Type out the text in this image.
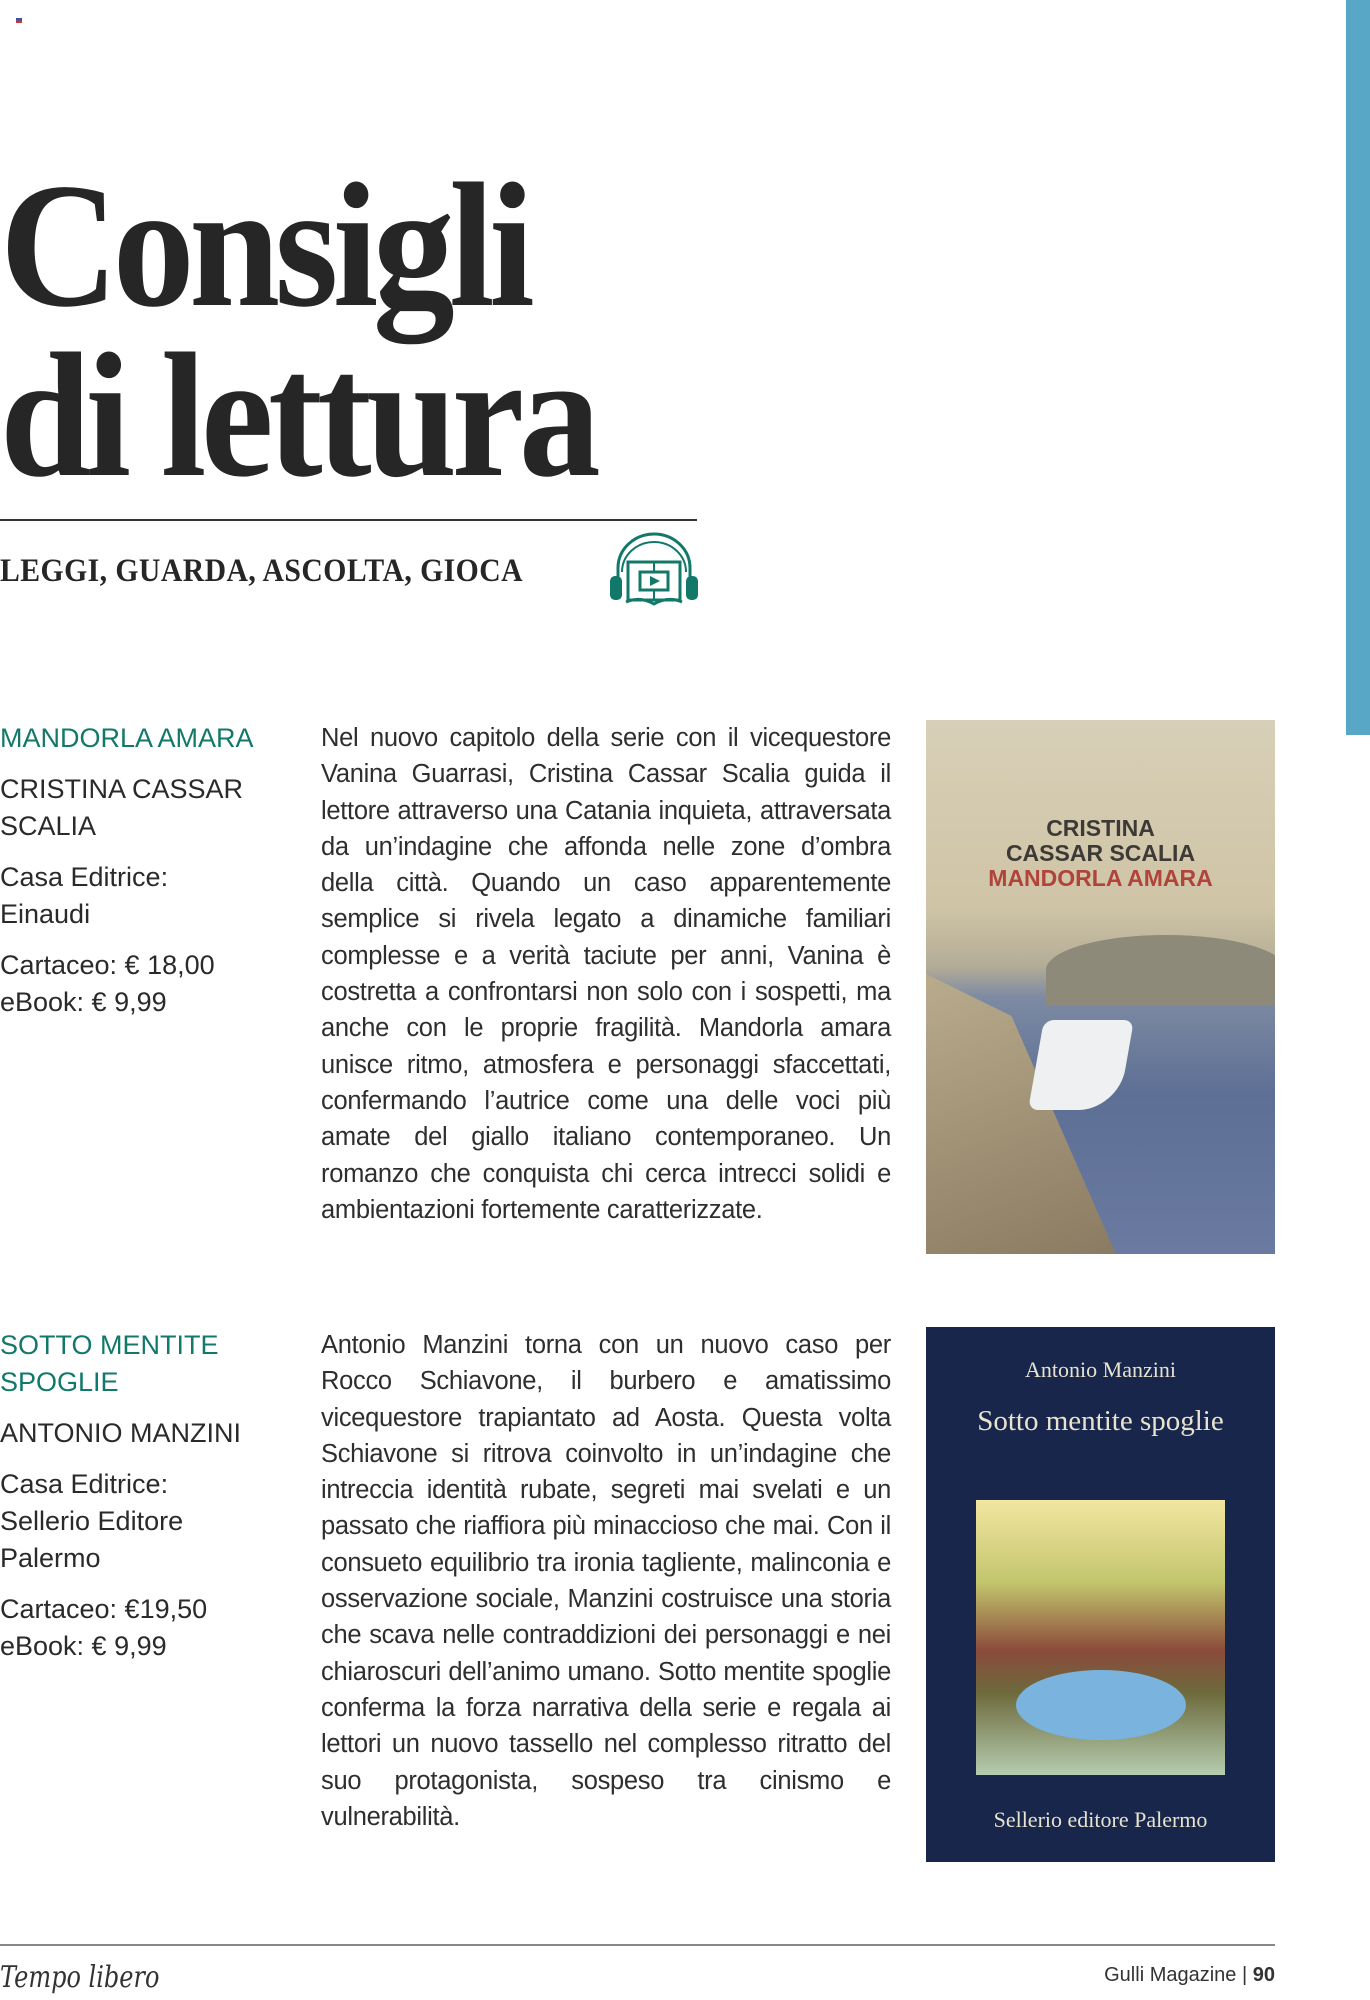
Consigli
di lettura
LEGGI, GUARDA, ASCOLTA, GIOCA

MANDORLA AMARA

CRISTINA CASSAR SCALIA

Casa Editrice:
Einaudi

Cartaceo: € 18,00
eBook: € 9,99

Nel nuovo capitolo della serie con il vicequestore Vanina Guarrasi, Cristina Cassar Scalia guida il lettore attraverso una Catania inquieta, attraversata da un’indagine che affonda nelle zone d’ombra della città. Quando un caso apparentemente semplice si rivela legato a dinamiche familiari complesse e a verità taciute per anni, Vanina è costretta a confrontarsi non solo con i sospetti, ma anche con le proprie fragilità. Mandorla amara unisce ritmo, atmosfera e personaggi sfaccettati, confermando l’autrice come una delle voci più amate del giallo italiano contemporaneo. Un romanzo che conquista chi cerca intrecci solidi e ambientazioni fortemente caratterizzate.
CRISTINA
CASSAR SCALIA
MANDORLA AMARA

SOTTO MENTITE SPOGLIE

ANTONIO MANZINI

Casa Editrice:
Sellerio Editore Palermo

Cartaceo: €19,50
eBook: € 9,99

Antonio Manzini torna con un nuovo caso per Rocco Schiavone, il burbero e amatissimo vicequestore trapiantato ad Aosta. Questa volta Schiavone si ritrova coinvolto in un’indagine che intreccia identità rubate, segreti mai svelati e un passato che riaffiora più minaccioso che mai. Con il consueto equilibrio tra ironia tagliente, malinconia e osservazione sociale, Manzini costruisce una storia che scava nelle contraddizioni dei personaggi e nei chiaroscuri dell’animo umano. Sotto mentite spoglie conferma la forza narrativa della serie e regala ai lettori un nuovo tassello nel complesso ritratto del suo protagonista, sospeso tra cinismo e vulnerabilità.
Antonio Manzini
Sotto mentite spoglie
Sellerio editore Palermo
Tempo libero	Gulli Magazine | 90
